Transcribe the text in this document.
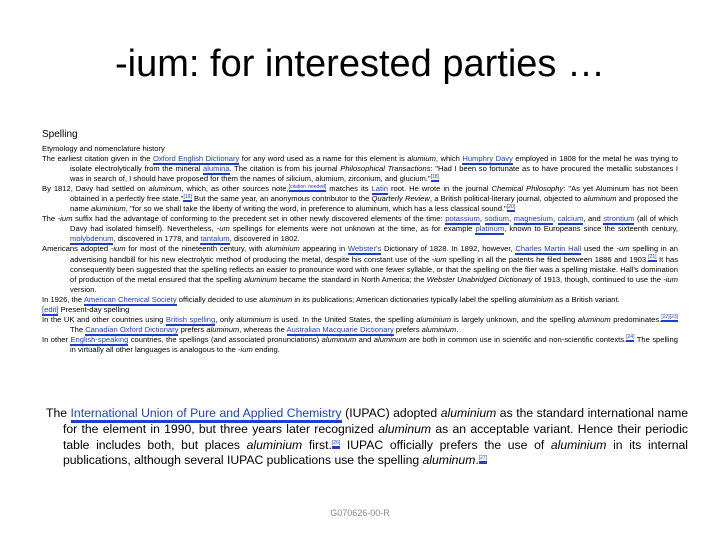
-ium: for interested parties …

Spelling

Etymology and nomenclature history

The earliest citation given in the Oxford English Dictionary for any word used as a name for this element is alumium, which Humphry Davy employed in 1808 for the metal he was trying to isolate electrolytically from the mineral alumina. The citation is from his journal Philosophical Transactions: "Had I been so fortunate as to have procured the metallic substances I was in search of, I should have proposed for them the names of silicium, alumium, zirconium, and glucium."[18]

By 1812, Davy had settled on aluminum, which, as other sources note,[citation needed] matches its Latin root. He wrote in the journal Chemical Philosophy: "As yet Aluminum has not been obtained in a perfectly free state."[19] But the same year, an anonymous contributor to the Quarterly Review, a British political-literary journal, objected to aluminum and proposed the name aluminium, "for so we shall take the liberty of writing the word, in preference to aluminum, which has a less classical sound."[20]

The -ium suffix had the advantage of conforming to the precedent set in other newly discovered elements of the time: potassium, sodium, magnesium, calcium, and strontium (all of which Davy had isolated himself). Nevertheless, -um spellings for elements were not unknown at the time, as for example platinum, known to Europeans since the sixteenth century, molybdenum, discovered in 1778, and tantalum, discovered in 1802.

Americans adopted -ium for most of the nineteenth century, with aluminium appearing in Webster's Dictionary of 1828. In 1892, however, Charles Martin Hall used the -um spelling in an advertising handbill for his new electrolytic method of producing the metal, despite his constant use of the -ium spelling in all the patents he filed between 1886 and 1903.[21] It has consequently been suggested that the spelling reflects an easier to pronounce word with one fewer syllable, or that the spelling on the flier was a spelling mistake. Hall's domination of production of the metal ensured that the spelling aluminum became the standard in North America; the Webster Unabridged Dictionary of 1913, though, continued to use the -ium version.

In 1926, the American Chemical Society officially decided to use aluminum in its publications; American dictionaries typically label the spelling aluminium as a British variant.

[edit] Present-day spelling

In the UK and other countries using British spelling, only aluminium is used. In the United States, the spelling aluminium is largely unknown, and the spelling aluminum predominates.[22][23] The Canadian Oxford Dictionary prefers aluminum, whereas the Australian Macquarie Dictionary prefers aluminium.

In other English-speaking countries, the spellings (and associated pronunciations) aluminium and aluminum are both in common use in scientific and non-scientific contexts.[24] The spelling in virtually all other languages is analogous to the -ium ending.

The International Union of Pure and Applied Chemistry (IUPAC) adopted aluminium as the standard international name for the element in 1990, but three years later recognized aluminum as an acceptable variant. Hence their periodic table includes both, but places aluminium first.[26] IUPAC officially prefers the use of aluminium in its internal publications, although several IUPAC publications use the spelling aluminum.[27]

G070626-00-R
